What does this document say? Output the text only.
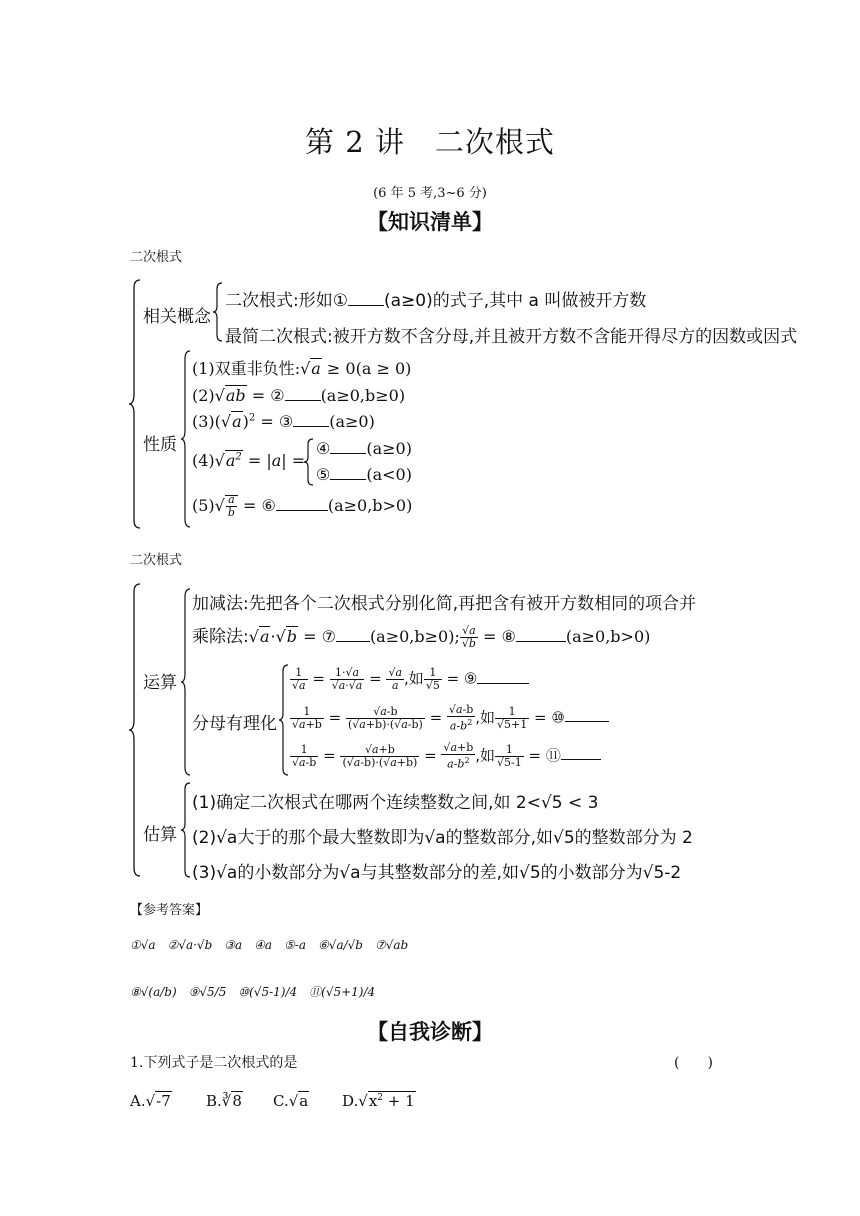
第 2 讲　二次根式
(6 年 5 考,3~6 分)
【知识清单】
二次根式
相关概念
二次根式:形如① (a≥0)的式子,其中 a 叫做被开方数
最简二次根式:被开方数不含分母,并且被开方数不含能开得尽方的因数或因式
性质
(1)双重非负性:√a ≥ 0(a ≥ 0)
(2)√ab = ② (a≥0,b≥0)
$(3)(√a)^2$ = ③ (a≥0)
$(4)√a^2 = |a|$ =
④ (a≥0)
⑤ (a<0)
$(5)√ \frac{a}{b}$ = ⑥	(a≥0,b>0)
二次根式
运算
加减法:先把各个二次根式分别化简,再把含有被开方数相同的项合并
乘除法:√a·√b = ⑦ (a≥0,b≥0); $\frac{√a}{√b}$ = ⑧	(a≥0,b>0)
分母有理化
$\frac{1}{√a} = \frac{1\cdot√a}{√a\cdot√a} = \frac{√a}{a}$ ,如 $\frac{1}{√5}$ = ⑨
$\frac{1}{√a+b} = \frac{√a-b}{(√a+b)\cdot(√a-b)} = \frac{√a-b}{a-b^2}$ ,如 $\frac{1}{√5+1}$ = ⑩
$\frac{1}{√a-b} = \frac{√a+b}{(√a-b)\cdot(√a+b)} = \frac{√a+b}{a-b^2}$ ,如 $\frac{1}{√5-1}$ = ⑪
估算
(1)确定二次根式在哪两个连续整数之间,如 2<√5 < 3
(2)√a大于的那个最大整数即为√a的整数部分,如√5的整数部分为 2
(3)√a的小数部分为√a与其整数部分的差,如√5的小数部分为√5-2
【参考答案】
①√a　②√a·√b　③a　④a　⑤-a　⑥√a/√b　⑦√ab
⑧√(a/b)　⑨√5/5　⑩(√5-1)/4　⑪(√5+1)/4
【自我诊断】
1.下列式子是二次根式的是	(　　)
A.√-7 B.∛8 C.√a $D.√x^2 + 1$
